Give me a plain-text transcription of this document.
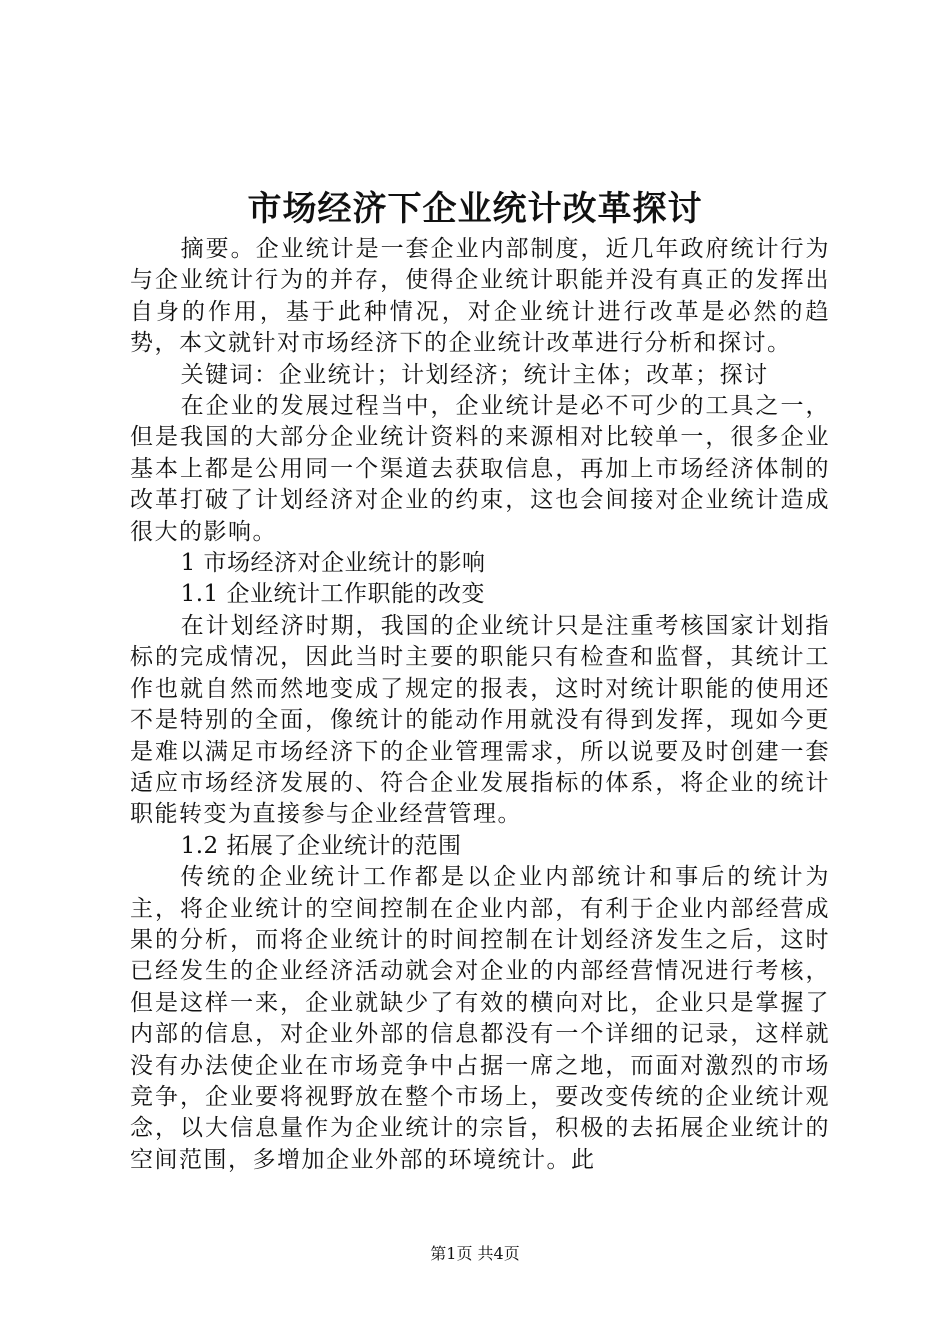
市场经济下企业统计改革探讨

摘要。企业统计是一套企业内部制度，近几年政府统计行为与企业统计行为的并存，使得企业统计职能并没有真正的发挥出自身的作用，基于此种情况，对企业统计进行改革是必然的趋势，本文就针对市场经济下的企业统计改革进行分析和探讨。

关键词：企业统计；计划经济；统计主体；改革；探讨

在企业的发展过程当中，企业统计是必不可少的工具之一，但是我国的大部分企业统计资料的来源相对比较单一，很多企业基本上都是公用同一个渠道去获取信息，再加上市场经济体制的改革打破了计划经济对企业的约束，这也会间接对企业统计造成很大的影响。

1 市场经济对企业统计的影响

1.1 企业统计工作职能的改变

在计划经济时期，我国的企业统计只是注重考核国家计划指标的完成情况，因此当时主要的职能只有检查和监督，其统计工作也就自然而然地变成了规定的报表，这时对统计职能的使用还不是特别的全面，像统计的能动作用就没有得到发挥，现如今更是难以满足市场经济下的企业管理需求，所以说要及时创建一套适应市场经济发展的、符合企业发展指标的体系，将企业的统计职能转变为直接参与企业经营管理。

1.2 拓展了企业统计的范围

传统的企业统计工作都是以企业内部统计和事后的统计为主，将企业统计的空间控制在企业内部，有利于企业内部经营成果的分析，而将企业统计的时间控制在计划经济发生之后，这时已经发生的企业经济活动就会对企业的内部经营情况进行考核，但是这样一来，企业就缺少了有效的横向对比，企业只是掌握了内部的信息，对企业外部的信息都没有一个详细的记录，这样就没有办法使企业在市场竞争中占据一席之地，而面对激烈的市场竞争，企业要将视野放在整个市场上，要改变传统的企业统计观念，以大信息量作为企业统计的宗旨，积极的去拓展企业统计的空间范围，多增加企业外部的环境统计。此

第1页 共4页
